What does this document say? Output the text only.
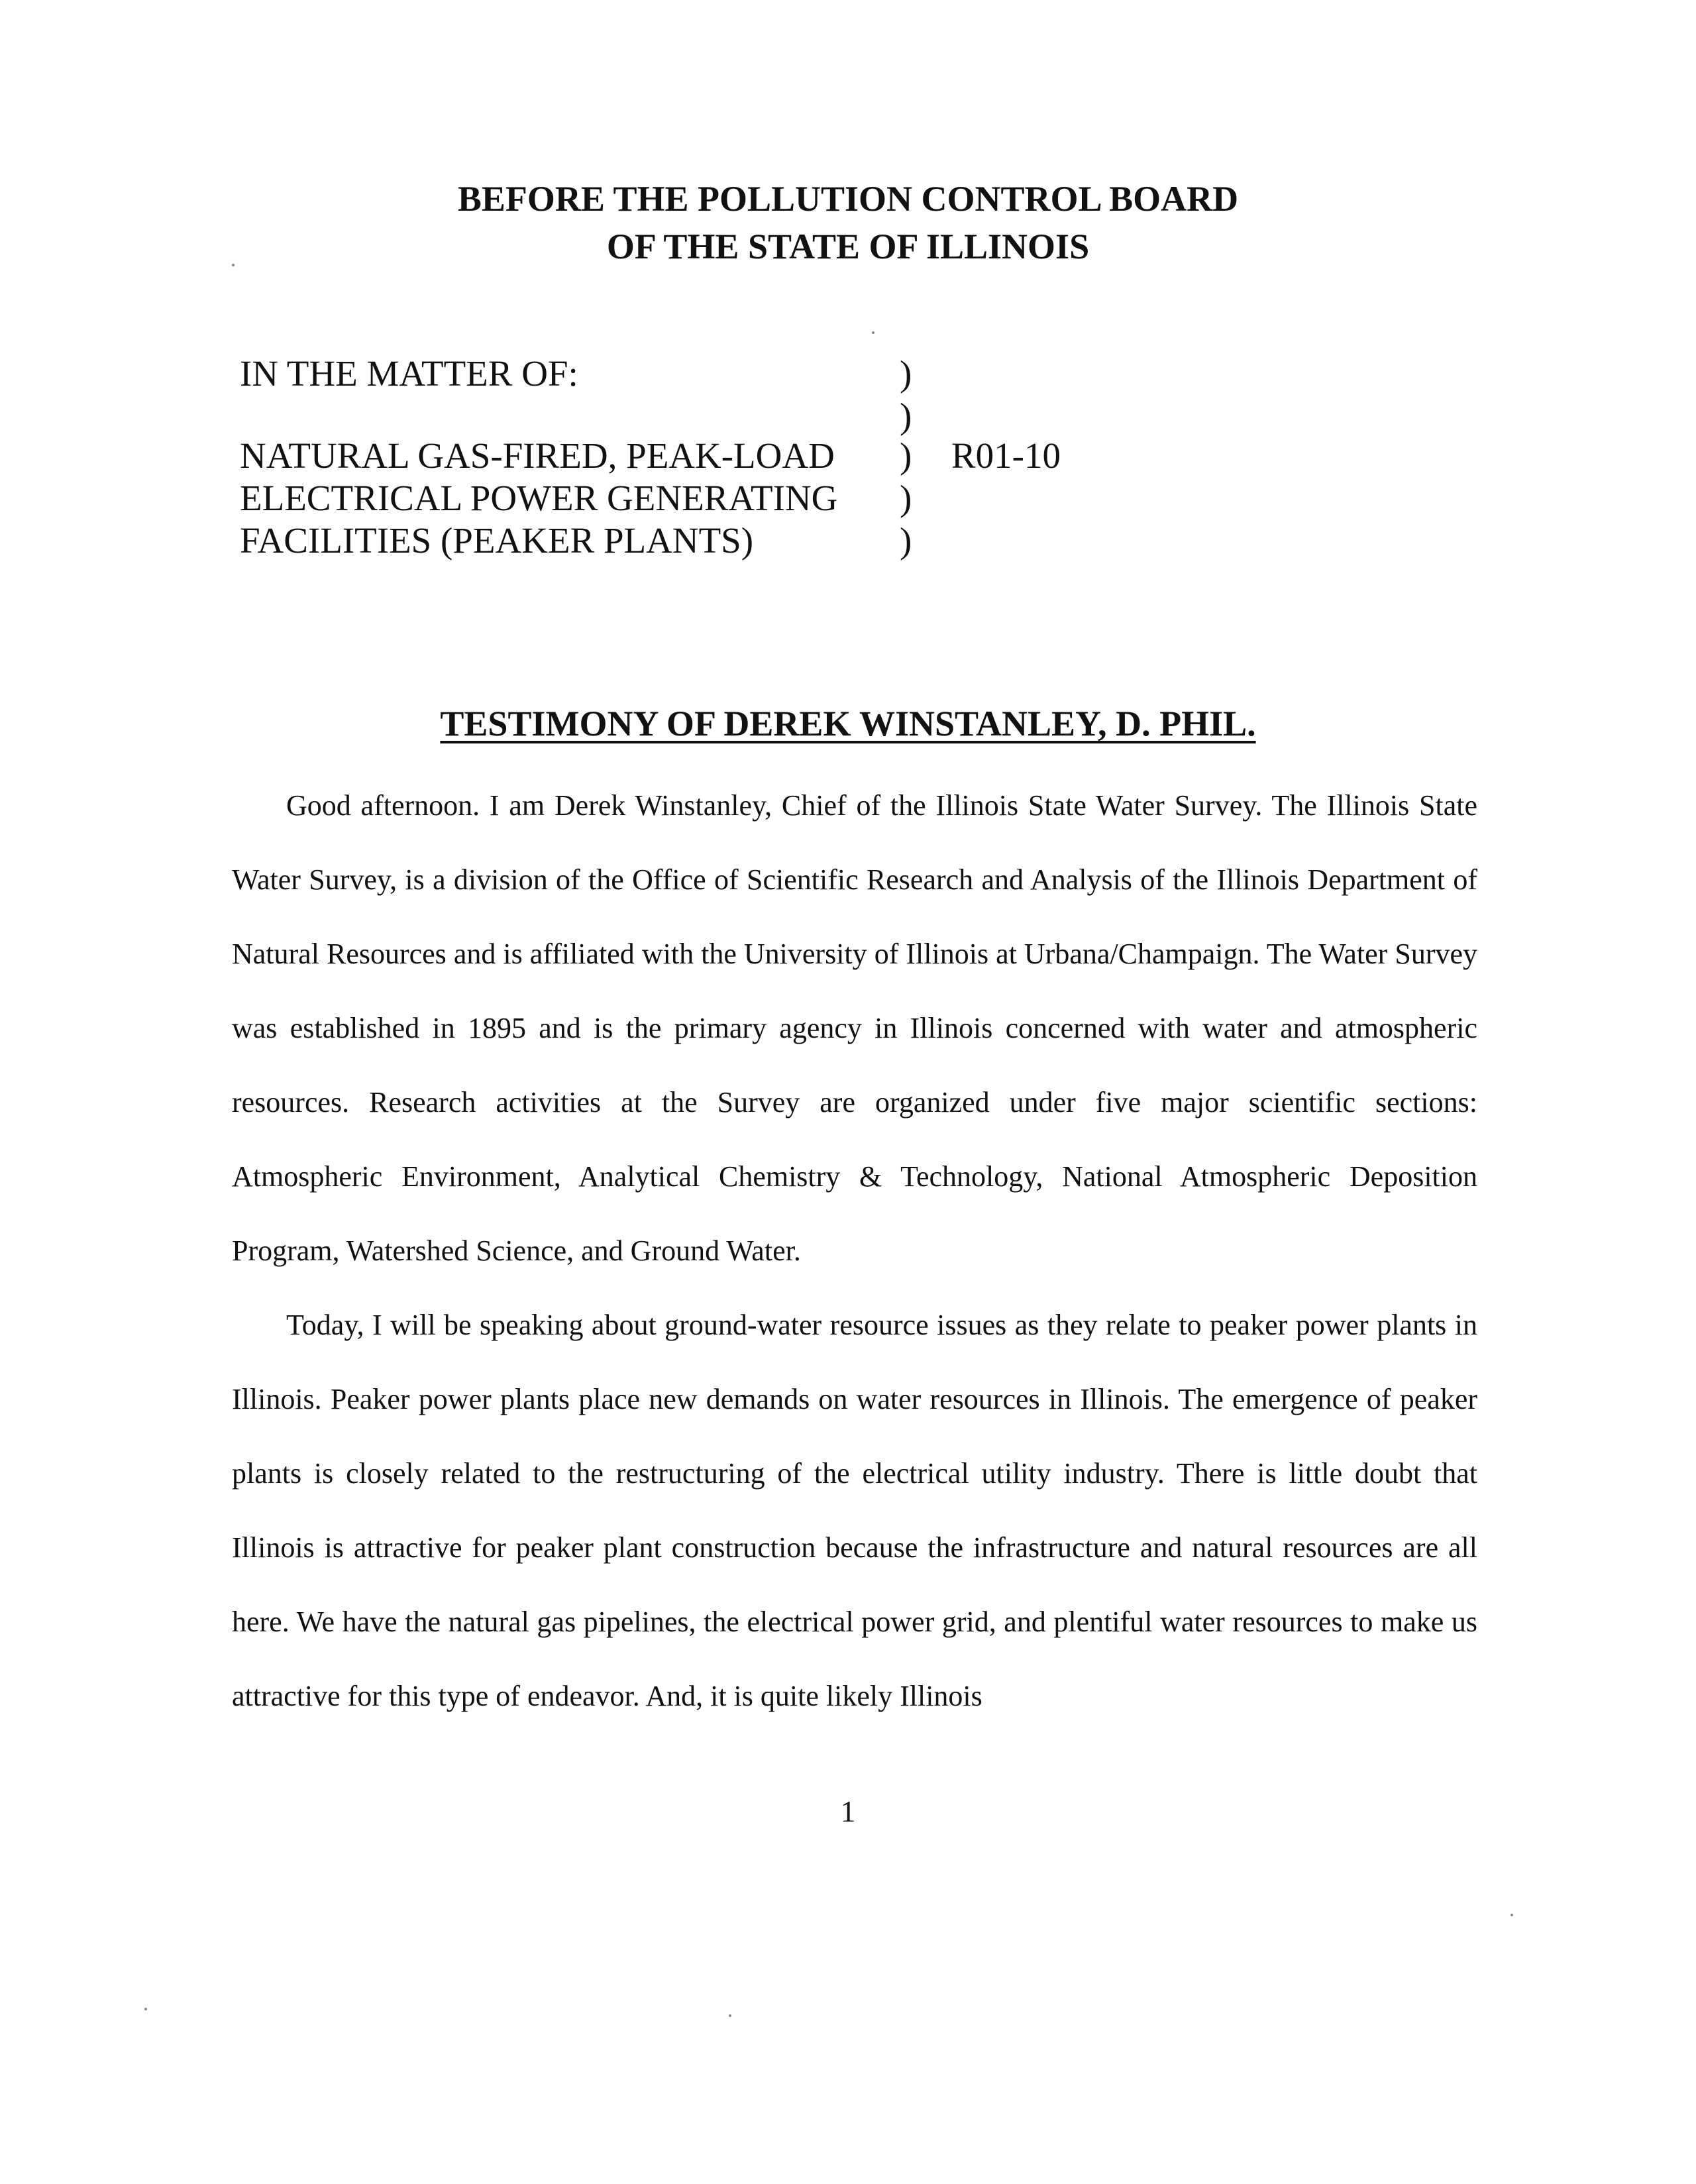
BEFORE THE POLLUTION CONTROL BOARD
OF THE STATE OF ILLINOIS
IN THE MATTER OF:
NATURAL GAS-FIRED, PEAK-LOAD
ELECTRICAL POWER GENERATING
FACILITIES (PEAKER PLANTS)
)
)
)
)
)
R01-10
TESTIMONY OF DEREK WINSTANLEY, D. PHIL.

Good afternoon. I am Derek Winstanley, Chief of the Illinois State Water Survey. The Illinois State Water Survey, is a division of the Office of Scientific Research and Analysis of the Illinois Department of Natural Resources and is affiliated with the University of Illinois at Urbana/Champaign. The Water Survey was established in 1895 and is the primary agency in Illinois concerned with water and atmospheric resources. Research activities at the Survey are organized under five major scientific sections: Atmospheric Environment, Analytical Chemistry & Technology, National Atmospheric Deposition Program, Watershed Science, and Ground Water.

Today, I will be speaking about ground-water resource issues as they relate to peaker power plants in Illinois. Peaker power plants place new demands on water resources in Illinois. The emergence of peaker plants is closely related to the restructuring of the electrical utility industry. There is little doubt that Illinois is attractive for peaker plant construction because the infrastructure and natural resources are all here. We have the natural gas pipelines, the electrical power grid, and plentiful water resources to make us attractive for this type of endeavor. And, it is quite likely Illinois

1
